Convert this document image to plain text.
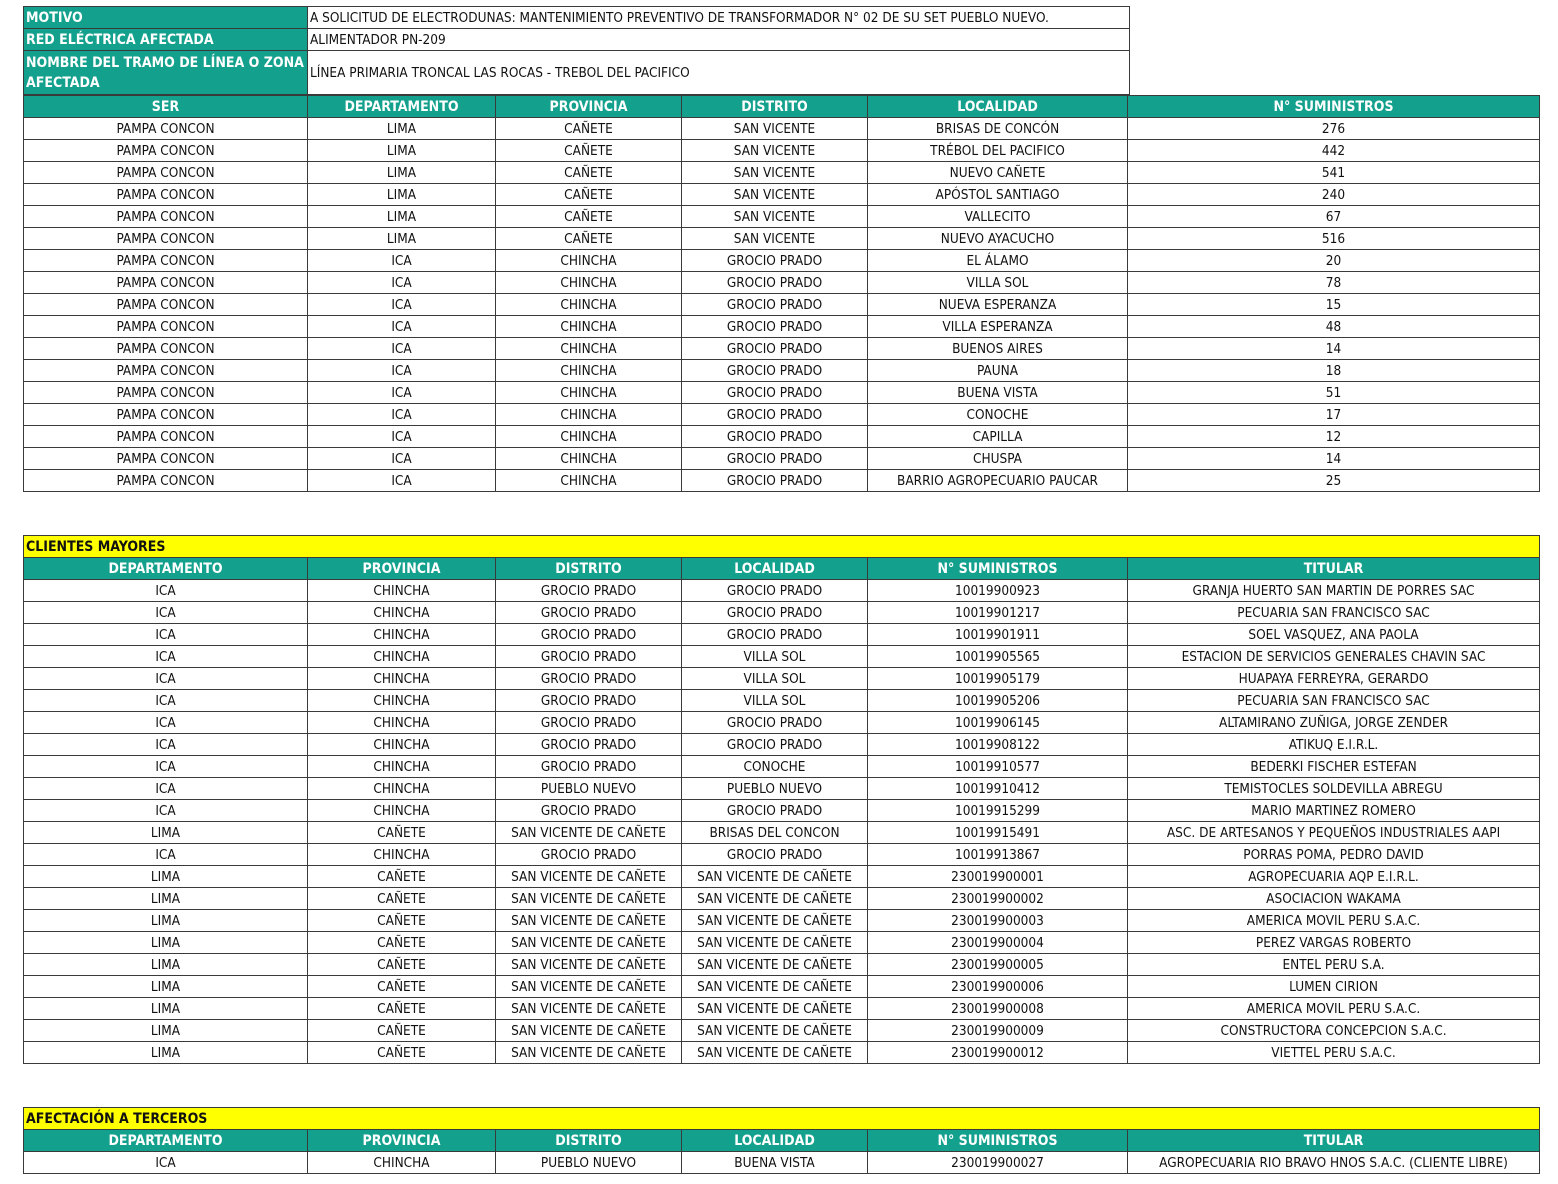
MOTIVO	A SOLICITUD DE ELECTRODUNAS: MANTENIMIENTO PREVENTIVO DE TRANSFORMADOR N° 02 DE SU SET PUEBLO NUEVO.
RED ELÉCTRICA AFECTADA	ALIMENTADOR PN-209
NOMBRE DEL TRAMO DE LÍNEA O ZONA AFECTADA	LÍNEA PRIMARIA TRONCAL LAS ROCAS - TREBOL DEL PACIFICO
SER	DEPARTAMENTO	PROVINCIA	DISTRITO	LOCALIDAD	N° SUMINISTROS
PAMPA CONCON	LIMA	CAÑETE	SAN VICENTE	BRISAS DE CONCÓN	276
PAMPA CONCON	LIMA	CAÑETE	SAN VICENTE	TRÉBOL DEL PACIFICO	442
PAMPA CONCON	LIMA	CAÑETE	SAN VICENTE	NUEVO CAÑETE	541
PAMPA CONCON	LIMA	CAÑETE	SAN VICENTE	APÓSTOL SANTIAGO	240
PAMPA CONCON	LIMA	CAÑETE	SAN VICENTE	VALLECITO	67
PAMPA CONCON	LIMA	CAÑETE	SAN VICENTE	NUEVO AYACUCHO	516
PAMPA CONCON	ICA	CHINCHA	GROCIO PRADO	EL ÁLAMO	20
PAMPA CONCON	ICA	CHINCHA	GROCIO PRADO	VILLA SOL	78
PAMPA CONCON	ICA	CHINCHA	GROCIO PRADO	NUEVA ESPERANZA	15
PAMPA CONCON	ICA	CHINCHA	GROCIO PRADO	VILLA ESPERANZA	48
PAMPA CONCON	ICA	CHINCHA	GROCIO PRADO	BUENOS AIRES	14
PAMPA CONCON	ICA	CHINCHA	GROCIO PRADO	PAUNA	18
PAMPA CONCON	ICA	CHINCHA	GROCIO PRADO	BUENA VISTA	51
PAMPA CONCON	ICA	CHINCHA	GROCIO PRADO	CONOCHE	17
PAMPA CONCON	ICA	CHINCHA	GROCIO PRADO	CAPILLA	12
PAMPA CONCON	ICA	CHINCHA	GROCIO PRADO	CHUSPA	14
PAMPA CONCON	ICA	CHINCHA	GROCIO PRADO	BARRIO AGROPECUARIO PAUCAR	25
CLIENTES MAYORES					
DEPARTAMENTO	PROVINCIA	DISTRITO	LOCALIDAD	N° SUMINISTROS	TITULAR
ICA	CHINCHA	GROCIO PRADO	GROCIO PRADO	10019900923	GRANJA HUERTO SAN MARTIN DE PORRES SAC
ICA	CHINCHA	GROCIO PRADO	GROCIO PRADO	10019901217	PECUARIA SAN FRANCISCO SAC
ICA	CHINCHA	GROCIO PRADO	GROCIO PRADO	10019901911	SOEL VASQUEZ, ANA PAOLA
ICA	CHINCHA	GROCIO PRADO	VILLA SOL	10019905565	ESTACION DE SERVICIOS GENERALES CHAVIN SAC
ICA	CHINCHA	GROCIO PRADO	VILLA SOL	10019905179	HUAPAYA FERREYRA, GERARDO
ICA	CHINCHA	GROCIO PRADO	VILLA SOL	10019905206	PECUARIA SAN FRANCISCO SAC
ICA	CHINCHA	GROCIO PRADO	GROCIO PRADO	10019906145	ALTAMIRANO ZUÑIGA, JORGE ZENDER
ICA	CHINCHA	GROCIO PRADO	GROCIO PRADO	10019908122	ATIKUQ E.I.R.L.
ICA	CHINCHA	GROCIO PRADO	CONOCHE	10019910577	BEDERKI FISCHER ESTEFAN
ICA	CHINCHA	PUEBLO NUEVO	PUEBLO NUEVO	10019910412	TEMISTOCLES SOLDEVILLA ABREGU
ICA	CHINCHA	GROCIO PRADO	GROCIO PRADO	10019915299	MARIO MARTINEZ ROMERO
LIMA	CAÑETE	SAN VICENTE DE CAÑETE	BRISAS DEL CONCON	10019915491	ASC. DE ARTESANOS Y PEQUEÑOS INDUSTRIALES AAPI
ICA	CHINCHA	GROCIO PRADO	GROCIO PRADO	10019913867	PORRAS POMA, PEDRO DAVID
LIMA	CAÑETE	SAN VICENTE DE CAÑETE	SAN VICENTE DE CAÑETE	230019900001	AGROPECUARIA AQP E.I.R.L.
LIMA	CAÑETE	SAN VICENTE DE CAÑETE	SAN VICENTE DE CAÑETE	230019900002	ASOCIACION WAKAMA
LIMA	CAÑETE	SAN VICENTE DE CAÑETE	SAN VICENTE DE CAÑETE	230019900003	AMERICA MOVIL PERU S.A.C.
LIMA	CAÑETE	SAN VICENTE DE CAÑETE	SAN VICENTE DE CAÑETE	230019900004	PEREZ VARGAS ROBERTO
LIMA	CAÑETE	SAN VICENTE DE CAÑETE	SAN VICENTE DE CAÑETE	230019900005	ENTEL PERU S.A.
LIMA	CAÑETE	SAN VICENTE DE CAÑETE	SAN VICENTE DE CAÑETE	230019900006	LUMEN CIRION
LIMA	CAÑETE	SAN VICENTE DE CAÑETE	SAN VICENTE DE CAÑETE	230019900008	AMERICA MOVIL PERU S.A.C.
LIMA	CAÑETE	SAN VICENTE DE CAÑETE	SAN VICENTE DE CAÑETE	230019900009	CONSTRUCTORA CONCEPCION S.A.C.
LIMA	CAÑETE	SAN VICENTE DE CAÑETE	SAN VICENTE DE CAÑETE	230019900012	VIETTEL PERU S.A.C.
AFECTACIÓN A TERCEROS					
DEPARTAMENTO	PROVINCIA	DISTRITO	LOCALIDAD	N° SUMINISTROS	TITULAR
ICA	CHINCHA	PUEBLO NUEVO	BUENA VISTA	230019900027	AGROPECUARIA RIO BRAVO HNOS S.A.C. (CLIENTE LIBRE)
